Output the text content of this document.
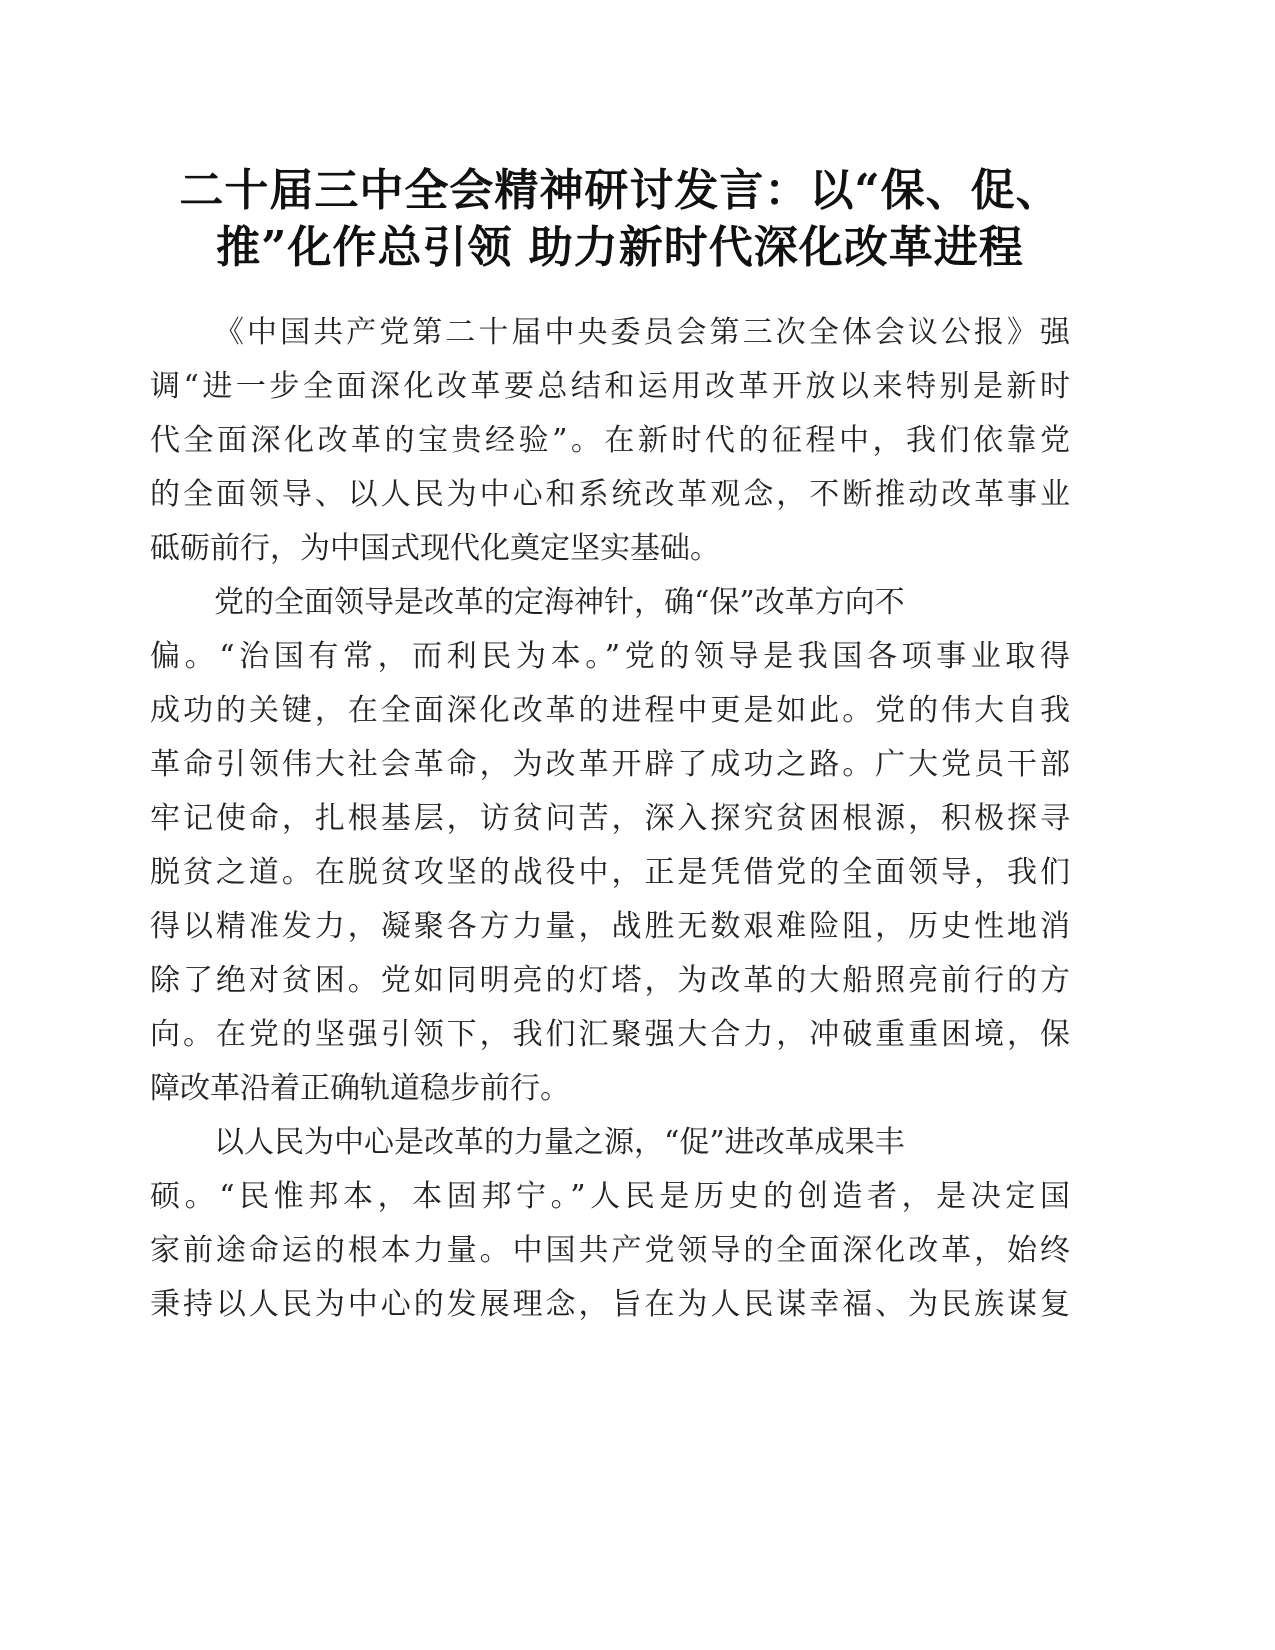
二十届三中全会精神研讨发言：以“保、促、
推”化作总引领 助力新时代深化改革进程
《中国共产党第二十届中央委员会第三次全体会议公报》强
调“进一步全面深化改革要总结和运用改革开放以来特别是新时
代全面深化改革的宝贵经验”。在新时代的征程中，我们依靠党
的全面领导、以人民为中心和系统改革观念，不断推动改革事业
砥砺前行，为中国式现代化奠定坚实基础。
党的全面领导是改革的定海神针，确“保”改革方向不
偏。“治国有常，而利民为本。”党的领导是我国各项事业取得
成功的关键，在全面深化改革的进程中更是如此。党的伟大自我
革命引领伟大社会革命，为改革开辟了成功之路。广大党员干部
牢记使命，扎根基层，访贫问苦，深入探究贫困根源，积极探寻
脱贫之道。在脱贫攻坚的战役中，正是凭借党的全面领导，我们
得以精准发力，凝聚各方力量，战胜无数艰难险阻，历史性地消
除了绝对贫困。党如同明亮的灯塔，为改革的大船照亮前行的方
向。在党的坚强引领下，我们汇聚强大合力，冲破重重困境，保
障改革沿着正确轨道稳步前行。
以人民为中心是改革的力量之源，“促”进改革成果丰
硕。“民惟邦本，本固邦宁。”人民是历史的创造者，是决定国
家前途命运的根本力量。中国共产党领导的全面深化改革，始终
秉持以人民为中心的发展理念，旨在为人民谋幸福、为民族谋复
